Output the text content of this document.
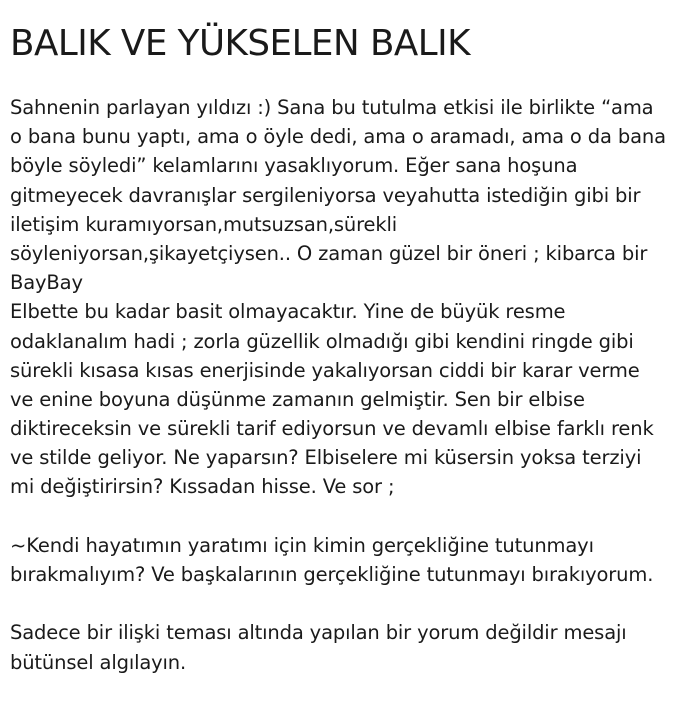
BALIK VE YÜKSELEN BALIK
Sahnenin parlayan yıldızı :) Sana bu tutulma etkisi ile birlikte “ama
o bana bunu yaptı, ama o öyle dedi, ama o aramadı, ama o da bana
böyle söyledi” kelamlarını yasaklıyorum. Eğer sana hoşuna
gitmeyecek davranışlar sergileniyorsa veyahutta istediğin gibi bir
iletişim kuramıyorsan,mutsuzsan,sürekli
söyleniyorsan,şikayetçiysen.. O zaman güzel bir öneri ; kibarca bir
BayBay
Elbette bu kadar basit olmayacaktır. Yine de büyük resme
odaklanalım hadi ; zorla güzellik olmadığı gibi kendini ringde gibi
sürekli kısasa kısas enerjisinde yakalıyorsan ciddi bir karar verme
ve enine boyuna düşünme zamanın gelmiştir. Sen bir elbise
diktireceksin ve sürekli tarif ediyorsun ve devamlı elbise farklı renk
ve stilde geliyor. Ne yaparsın? Elbiselere mi küsersin yoksa terziyi
mi değiştirirsin? Kıssadan hisse. Ve sor ;
~Kendi hayatımın yaratımı için kimin gerçekliğine tutunmayı
bırakmalıyım? Ve başkalarının gerçekliğine tutunmayı bırakıyorum.
Sadece bir ilişki teması altında yapılan bir yorum değildir mesajı
bütünsel algılayın.
